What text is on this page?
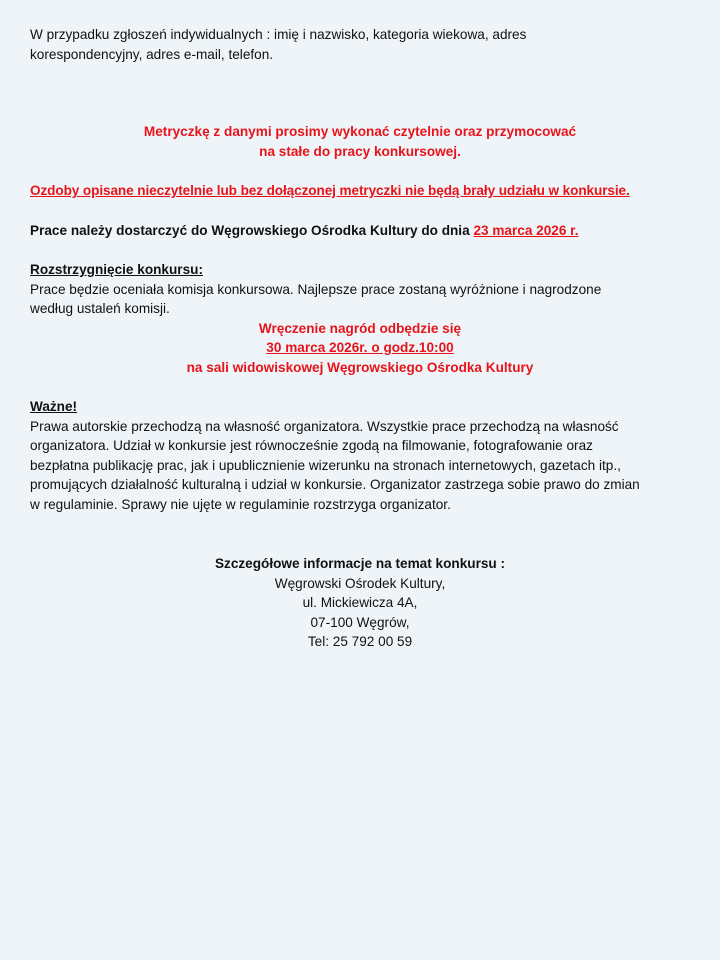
W przypadku zgłoszeń indywidualnych : imię i nazwisko, kategoria wiekowa, adres

korespondencyjny, adres e-mail, telefon.

Metryczkę z danymi prosimy wykonać czytelnie oraz przymocować

na stałe do pracy konkursowej.

Ozdoby opisane nieczytelnie lub bez dołączonej metryczki nie będą brały udziału w konkursie.

Prace należy dostarczyć do Węgrowskiego Ośrodka Kultury do dnia 23 marca 2026 r.

Rozstrzygnięcie konkursu:

Prace będzie oceniała komisja konkursowa. Najlepsze prace zostaną wyróżnione i nagrodzone

według ustaleń komisji.

Wręczenie nagród odbędzie się

30 marca 2026r. o godz.10:00

na sali widowiskowej Węgrowskiego Ośrodka Kultury

Ważne!

Prawa autorskie przechodzą na własność organizatora. Wszystkie prace przechodzą na własność

organizatora. Udział w konkursie jest równocześnie zgodą na filmowanie, fotografowanie oraz

bezpłatna publikację prac, jak i upublicznienie wizerunku na stronach internetowych, gazetach itp.,

promujących działalność kulturalną i udział w konkursie. Organizator zastrzega sobie prawo do zmian

w regulaminie. Sprawy nie ujęte w regulaminie rozstrzyga organizator.

Szczegółowe informacje na temat konkursu :

Węgrowski Ośrodek Kultury,

ul. Mickiewicza 4A,

07-100 Węgrów,

Tel: 25 792 00 59
